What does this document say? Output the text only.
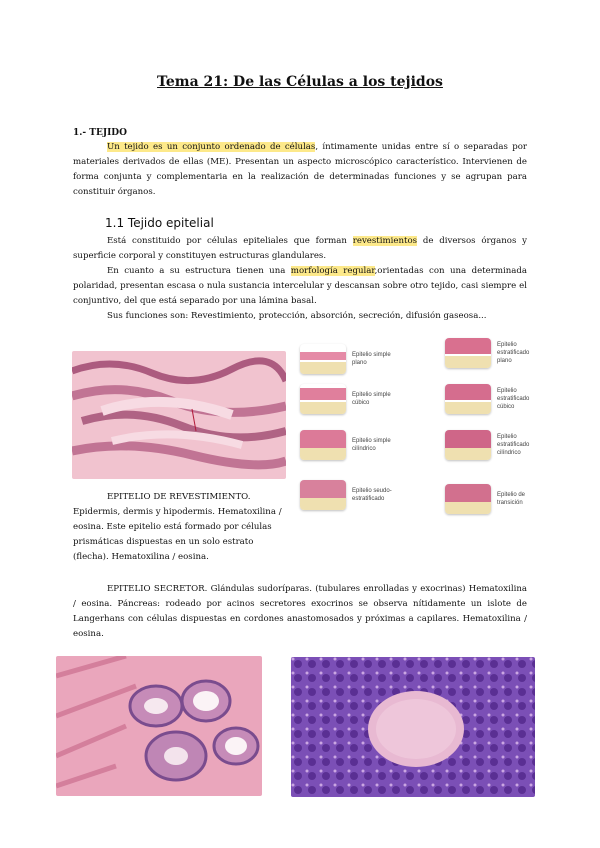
Tema 21: De las Células a los tejidos
1.- TEJIDO
Un tejido es un conjunto ordenado de células, íntimamente unidas entre sí o separadas por materiales derivados de ellas (ME). Presentan un aspecto microscópico característico. Intervienen de forma conjunta y complementaria en la realización de determinadas funciones y se agrupan para constituir órganos.
1.1 Tejido epitelial
Está constituido por células epiteliales que forman revestimientos de diversos órganos y superficie corporal y constituyen estructuras glandulares.
En cuanto a su estructura tienen una morfología regular,orientadas con una determinada polaridad, presentan escasa o nula sustancia intercelular y descansan sobre otro tejido, casi siempre el conjuntivo, del que está separado por una lámina basal.
Sus funciones son: Revestimiento, protección, absorción, secreción, difusión gaseosa...
Epitelio simple plano
Epitelio estratificado plano
Epitelio simple cúbico
Epitelio estratificado cúbico
Epitelio simple cilíndrico
Epitelio estratificado cilíndrico
Epitelio seudo-estratificado
Epitelio de transición
EPITELIO DE REVESTIMIENTO. Epidermis, dermis y hipodermis. Hematoxilina / eosina. Este epitelio está formado por células prismáticas dispuestas en un solo estrato (flecha). Hematoxilina / eosina.
EPITELIO SECRETOR. Glándulas sudoríparas. (tubulares enrolladas y exocrinas) Hematoxilina / eosina. Páncreas: rodeado por acinos secretores exocrinos se observa nítidamente un islote de Langerhans con células dispuestas en cordones anastomosados y próximas a capilares. Hematoxilina / eosina.
